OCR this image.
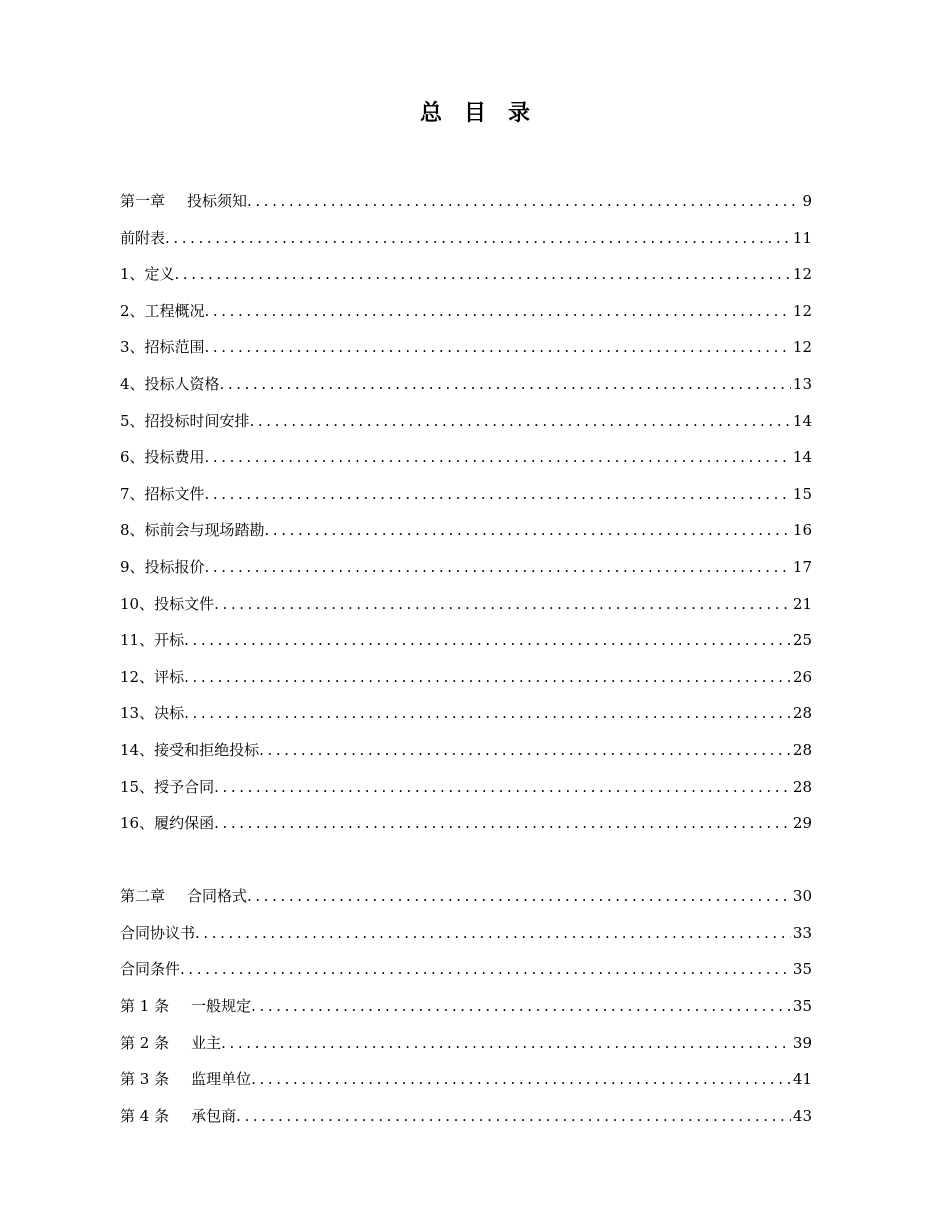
总 目 录
第一章 投标须知 .....	9
前附表 .....	11
1、定义 .....	12
2、工程概况 .....	12
3、招标范围 .....	12
4、投标人资格 .....	13
5、招投标时间安排 .....	14
6、投标费用 .....	14
7、招标文件 .....	15
8、标前会与现场踏勘 .....	16
9、投标报价 .....	17
10、投标文件 .....	21
11、开标 .....	25
12、评标 .....	26
13、决标 .....	28
14、接受和拒绝投标 .....	28
15、授予合同 .....	28
16、履约保函 .....	29
第二章 合同格式 .....	30
合同协议书 .....	33
合同条件 .....	35
第 1 条 一般规定 .....	35
第 2 条 业主 .....	39
第 3 条 监理单位 .....	41
第 4 条 承包商 .....	43
